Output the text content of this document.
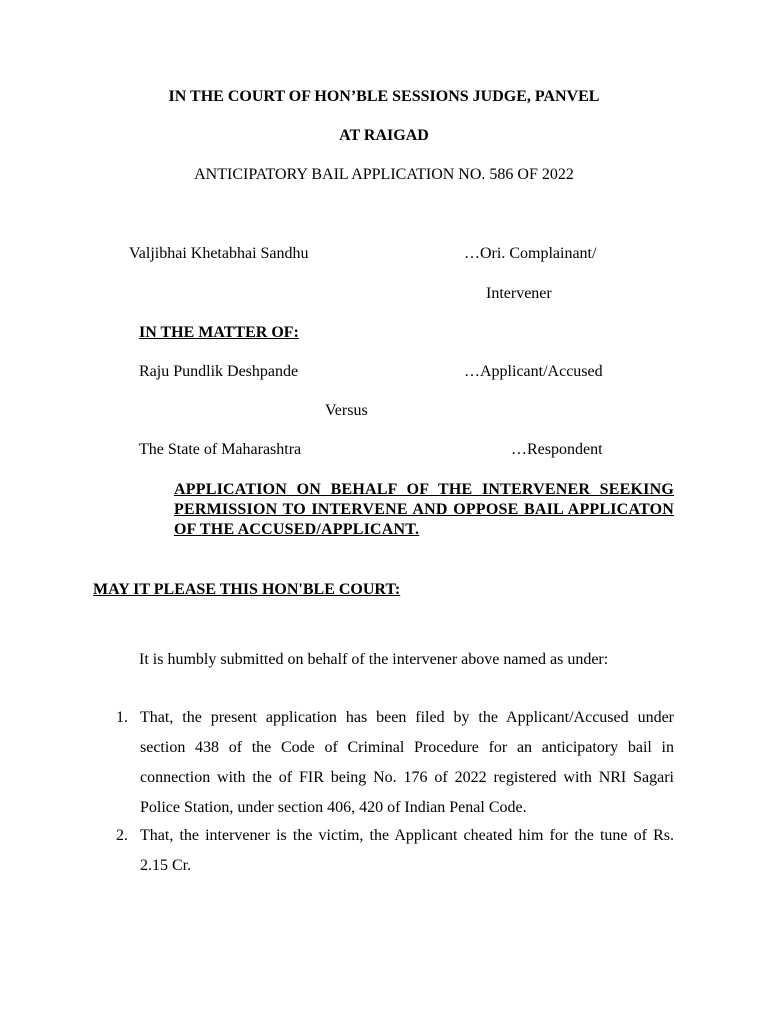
IN THE COURT OF HON’BLE SESSIONS JUDGE, PANVEL
AT RAIGAD
ANTICIPATORY BAIL APPLICATION NO. 586 OF 2022
Valjibhai Khetabhai Sandhu	…Ori. Complainant/
Intervener
IN THE MATTER OF:
Raju Pundlik Deshpande	…Applicant/Accused
Versus
The State of Maharashtra	…Respondent
APPLICATION ON BEHALF OF THE INTERVENER SEEKING PERMISSION TO INTERVENE AND OPPOSE BAIL APPLICATON OF THE ACCUSED/APPLICANT.
MAY IT PLEASE THIS HON'BLE COURT:
It is humbly submitted on behalf of the intervener above named as under:
1. That, the present application has been filed by the Applicant/Accused under section 438 of the Code of Criminal Procedure for an anticipatory bail in connection with the of FIR being No. 176 of 2022 registered with NRI Sagari Police Station, under section 406, 420 of Indian Penal Code.
2. That, the intervener is the victim, the Applicant cheated him for the tune of Rs. 2.15 Cr.
